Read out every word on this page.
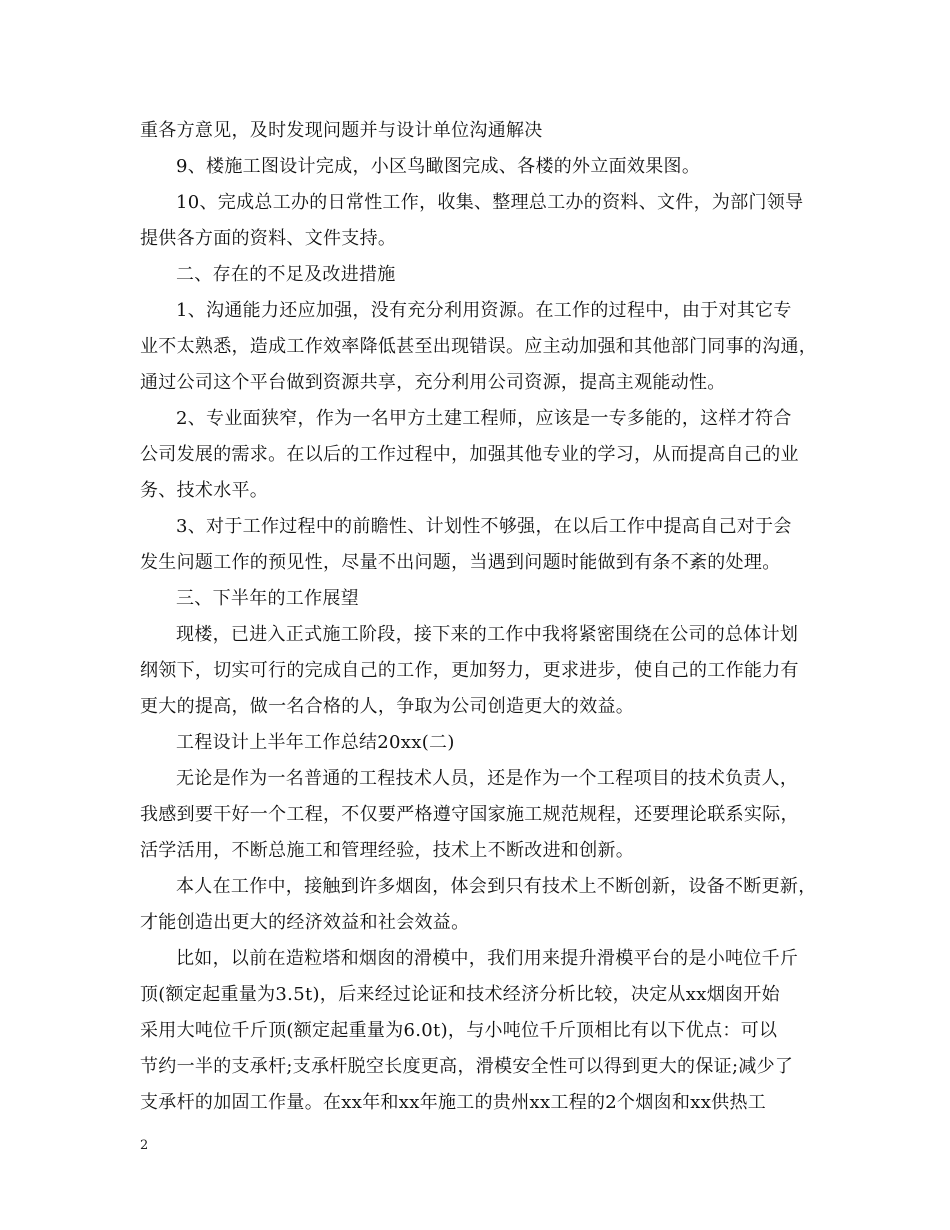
重各方意见，及时发现问题并与设计单位沟通解决

9、楼施工图设计完成，小区鸟瞰图完成、各楼的外立面效果图。

10、完成总工办的日常性工作，收集、整理总工办的资料、文件，为部门领导

提供各方面的资料、文件支持。

二、存在的不足及改进措施

1、沟通能力还应加强，没有充分利用资源。在工作的过程中，由于对其它专

业不太熟悉，造成工作效率降低甚至出现错误。应主动加强和其他部门同事的沟通，

通过公司这个平台做到资源共享，充分利用公司资源，提高主观能动性。

2、专业面狭窄，作为一名甲方土建工程师，应该是一专多能的，这样才符合

公司发展的需求。在以后的工作过程中，加强其他专业的学习，从而提高自己的业

务、技术水平。

3、对于工作过程中的前瞻性、计划性不够强，在以后工作中提高自己对于会

发生问题工作的预见性，尽量不出问题，当遇到问题时能做到有条不紊的处理。

三、下半年的工作展望

现楼，已进入正式施工阶段，接下来的工作中我将紧密围绕在公司的总体计划

纲领下，切实可行的完成自己的工作，更加努力，更求进步，使自己的工作能力有

更大的提高，做一名合格的人，争取为公司创造更大的效益。

工程设计上半年工作总结20xx(二)

无论是作为一名普通的工程技术人员，还是作为一个工程项目的技术负责人，

我感到要干好一个工程，不仅要严格遵守国家施工规范规程，还要理论联系实际，

活学活用，不断总施工和管理经验，技术上不断改进和创新。

本人在工作中，接触到许多烟囱，体会到只有技术上不断创新，设备不断更新，

才能创造出更大的经济效益和社会效益。

比如，以前在造粒塔和烟囱的滑模中，我们用来提升滑模平台的是小吨位千斤

顶(额定起重量为3.5t)，后来经过论证和技术经济分析比较，决定从xx烟囱开始

采用大吨位千斤顶(额定起重量为6.0t)，与小吨位千斤顶相比有以下优点：可以

节约一半的支承杆;支承杆脱空长度更高，滑模安全性可以得到更大的保证;减少了

支承杆的加固工作量。在xx年和xx年施工的贵州xx工程的2个烟囱和xx供热工

2
